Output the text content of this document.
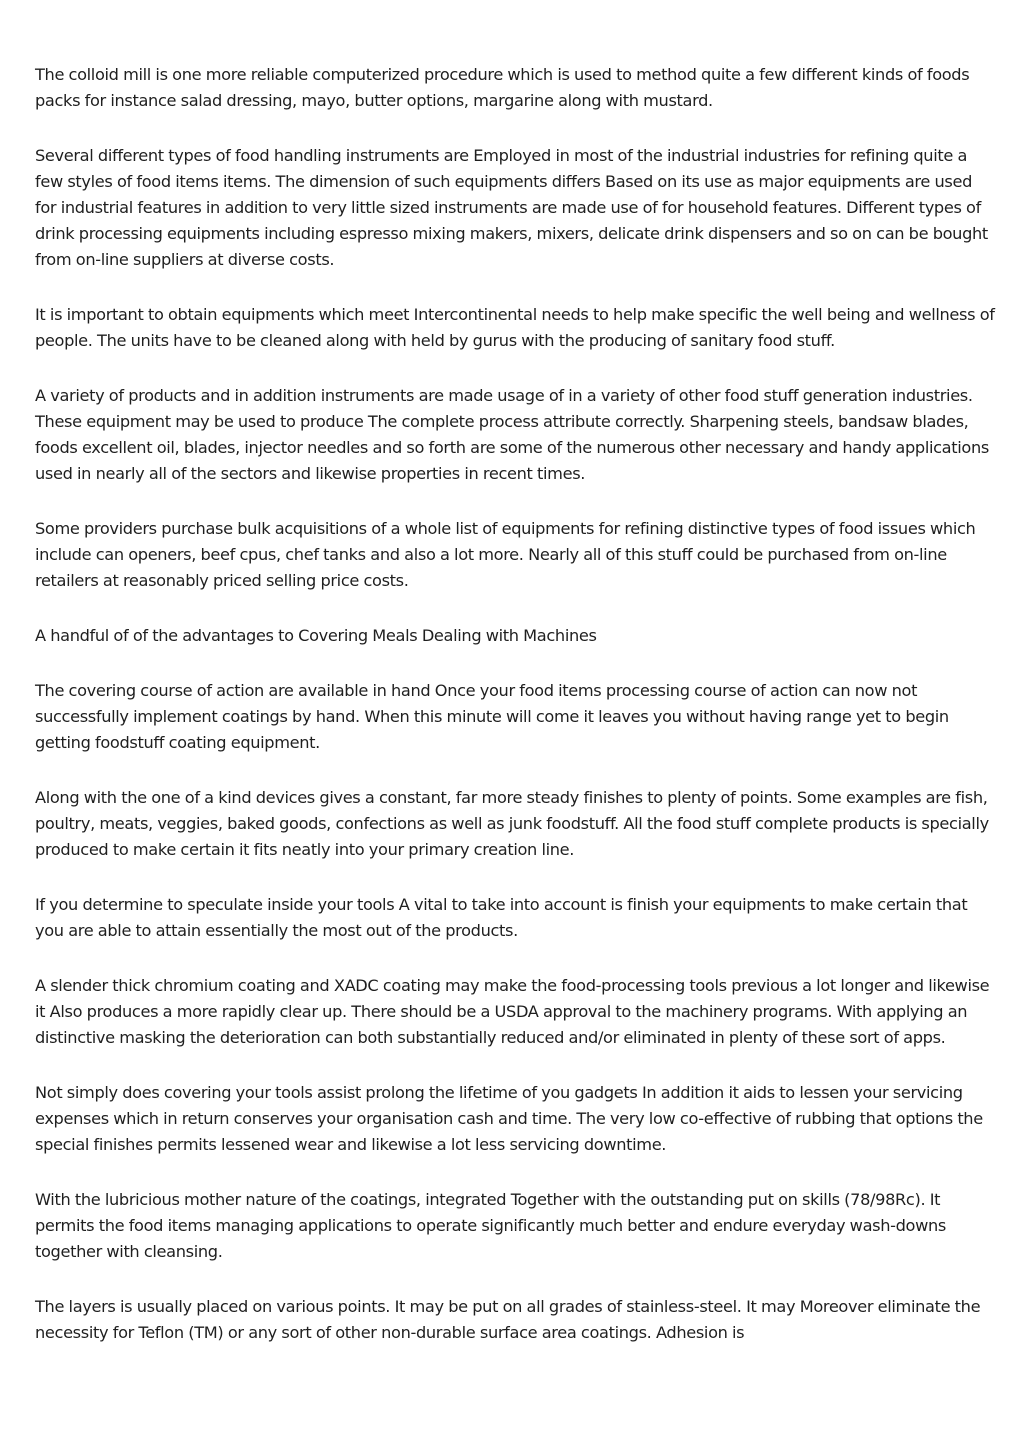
The colloid mill is one more reliable computerized procedure which is used to method quite a few different kinds of foods packs for instance salad dressing, mayo, butter options, margarine along with mustard.

Several different types of food handling instruments are Employed in most of the industrial industries for refining quite a few styles of food items items. The dimension of such equipments differs Based on its use as major equipments are used for industrial features in addition to very little sized instruments are made use of for household features. Different types of drink processing equipments including espresso mixing makers, mixers, delicate drink dispensers and so on can be bought from on-line suppliers at diverse costs.

It is important to obtain equipments which meet Intercontinental needs to help make specific the well being and wellness of people. The units have to be cleaned along with held by gurus with the producing of sanitary food stuff.

A variety of products and in addition instruments are made usage of in a variety of other food stuff generation industries. These equipment may be used to produce The complete process attribute correctly. Sharpening steels, bandsaw blades, foods excellent oil, blades, injector needles and so forth are some of the numerous other necessary and handy applications used in nearly all of the sectors and likewise properties in recent times.

Some providers purchase bulk acquisitions of a whole list of equipments for refining distinctive types of food issues which include can openers, beef cpus, chef tanks and also a lot more. Nearly all of this stuff could be purchased from on-line retailers at reasonably priced selling price costs.

A handful of of the advantages to Covering Meals Dealing with Machines

The covering course of action are available in hand Once your food items processing course of action can now not successfully implement coatings by hand. When this minute will come it leaves you without having range yet to begin getting foodstuff coating equipment.

Along with the one of a kind devices gives a constant, far more steady finishes to plenty of points. Some examples are fish, poultry, meats, veggies, baked goods, confections as well as junk foodstuff. All the food stuff complete products is specially produced to make certain it fits neatly into your primary creation line.

If you determine to speculate inside your tools A vital to take into account is finish your equipments to make certain that you are able to attain essentially the most out of the products.

A slender thick chromium coating and XADC coating may make the food-processing tools previous a lot longer and likewise it Also produces a more rapidly clear up. There should be a USDA approval to the machinery programs. With applying an distinctive masking the deterioration can both substantially reduced and/or eliminated in plenty of these sort of apps.

Not simply does covering your tools assist prolong the lifetime of you gadgets In addition it aids to lessen your servicing expenses which in return conserves your organisation cash and time. The very low co-effective of rubbing that options the special finishes permits lessened wear and likewise a lot less servicing downtime.

With the lubricious mother nature of the coatings, integrated Together with the outstanding put on skills (78/98Rc). It permits the food items managing applications to operate significantly much better and endure everyday wash-downs together with cleansing.

The layers is usually placed on various points. It may be put on all grades of stainless-steel. It may Moreover eliminate the necessity for Teflon (TM) or any sort of other non-durable surface area coatings. Adhesion is
